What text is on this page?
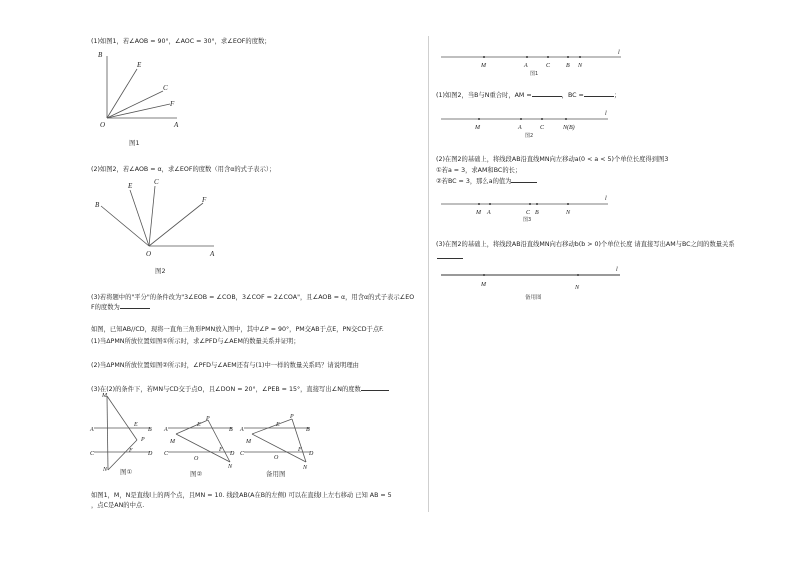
(1)如图1，若∠AOB = 90°，∠AOC = 30°，求∠EOF的度数；
B
E
C
F
O	A
图1
(2)如图2，若∠AOB = α，求∠EOF的度数（用含α的式子表示）；
E	C
B
F
O	A
图2
(3)若将题中的"平分"的条件改为"3∠EOB = ∠COB，3∠COF = 2∠COA"，且∠AOB = α，用含α的式子表示∠EO
F的度数为
如图，已知AB//CD，现将一直角三角形PMN放入图中，其中∠P = 90°，PM交AB于点E，PN交CD于点F.
(1)当ΔPMN所放位置如图①所示时，求∠PFD与∠AEM的数量关系并证明；
(2)当ΔPMN所放位置如图②所示时，∠PFD与∠AEM还有与(1)中一样的数量关系吗？请说明理由
(3)在(2)的条件下，若MN与CD交于点O，且∠DON = 20°，∠PEB = 15°，直接写出∠N的度数
M
A
E
B
P
C	F	D
N 图①
A
M
E
P
B
C
O
F
D
N
图②
A
M
E
P
B
C
O
F
D
N
备用图
如图1，M，N是直线l上的两个点，且MN = 10. 线段AB(A在B的左侧) 可以在直线l上左右移动 已知 AB = 5
，点C是AN的中点.
M	A	C	B N
l
图1
M	A	C	N(B)
l
图2
M A	C B	N
l
图3
M	N
l
备用图
(1)如图2，当B与N重合时，AM =	，BC =	；
(2)在图2的基础上，将线段AB沿直线MN向左移动a(0 < a < 5)个单位长度得到图3
①若a = 3，求AM和BC的长；
②若BC = 3，那么a的值为
(3)在图2的基础上，将线段AB沿直线MN向右移动b(b > 0)个单位长度 请直接写出AM与BC之间的数量关系
